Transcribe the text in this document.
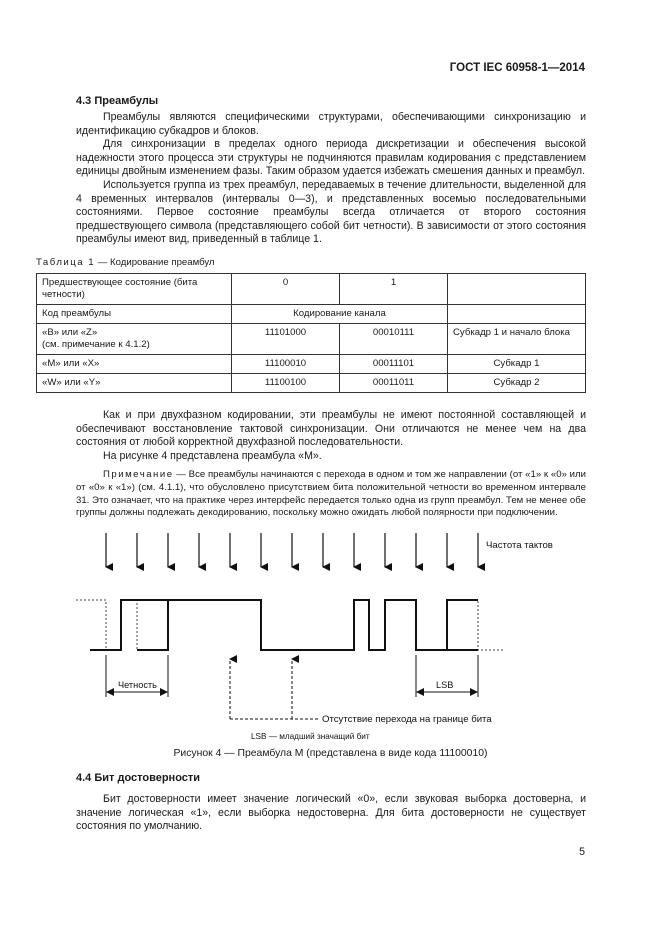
ГОСТ IEC 60958-1—2014
4.3 Преамбулы

Преамбулы являются специфическими структурами, обеспечивающими синхронизацию и идентификацию субкадров и блоков.

Для синхронизации в пределах одного периода дискретизации и обеспечения высокой надежности этого процесса эти структуры не подчиняются правилам кодирования с представлением единицы двойным изменением фазы. Таким образом удается избежать смешения данных и преамбул.

Используется группа из трех преамбул, передаваемых в течение длительности, выделенной для 4 временных интервалов (интервалы 0—3), и представленных восемью последовательными состояниями. Первое состояние преамбулы всегда отличается от второго состояния предшествующего символа (представляющего собой бит четности). В зависимости от этого состояния преамбулы имеют вид, приведенный в таблице 1.

Таблица 1 — Кодирование преамбул
Предшествующее состояние (бита четности)	0	1	
Код преамбулы	Кодирование канала		

«B» или «Z»
(см. примечание к 4.1.2)	11101000	00010111	Субкадр 1 и начало блока
«M» или «X»	11100010	00011101	Субкадр 1
«W» или «Y»	11100100	00011011	Субкадр 2

Как и при двухфазном кодировании, эти преамбулы не имеют постоянной составляющей и обеспечивают восстановление тактовой синхронизации. Они отличаются не менее чем на два состояния от любой корректной двухфазной последовательности.

На рисунке 4 представлена преамбула «М».

Примечание — Все преамбулы начинаются с перехода в одном и том же направлении (от «1» к «0» или от «0» к «1») (см. 4.1.1), что обусловлено присутствием бита положительной четности во временном интервале 31. Это означает, что на практике через интерфейс передается только одна из групп преамбул. Тем не менее обе группы должны подлежать декодированию, поскольку можно ожидать любой полярности при подключении.
Частота тактов
Четность	LSB
Отсутствие перехода на границе бита
LSB — младший значащий бит
Рисунок 4 — Преамбула М (представлена в виде кода 11100010)
4.4 Бит достоверности

Бит достоверности имеет значение логический «0», если звуковая выборка достоверна, и значение логическая «1», если выборка недостоверна. Для бита достоверности не существует состояния по умолчанию.

5
